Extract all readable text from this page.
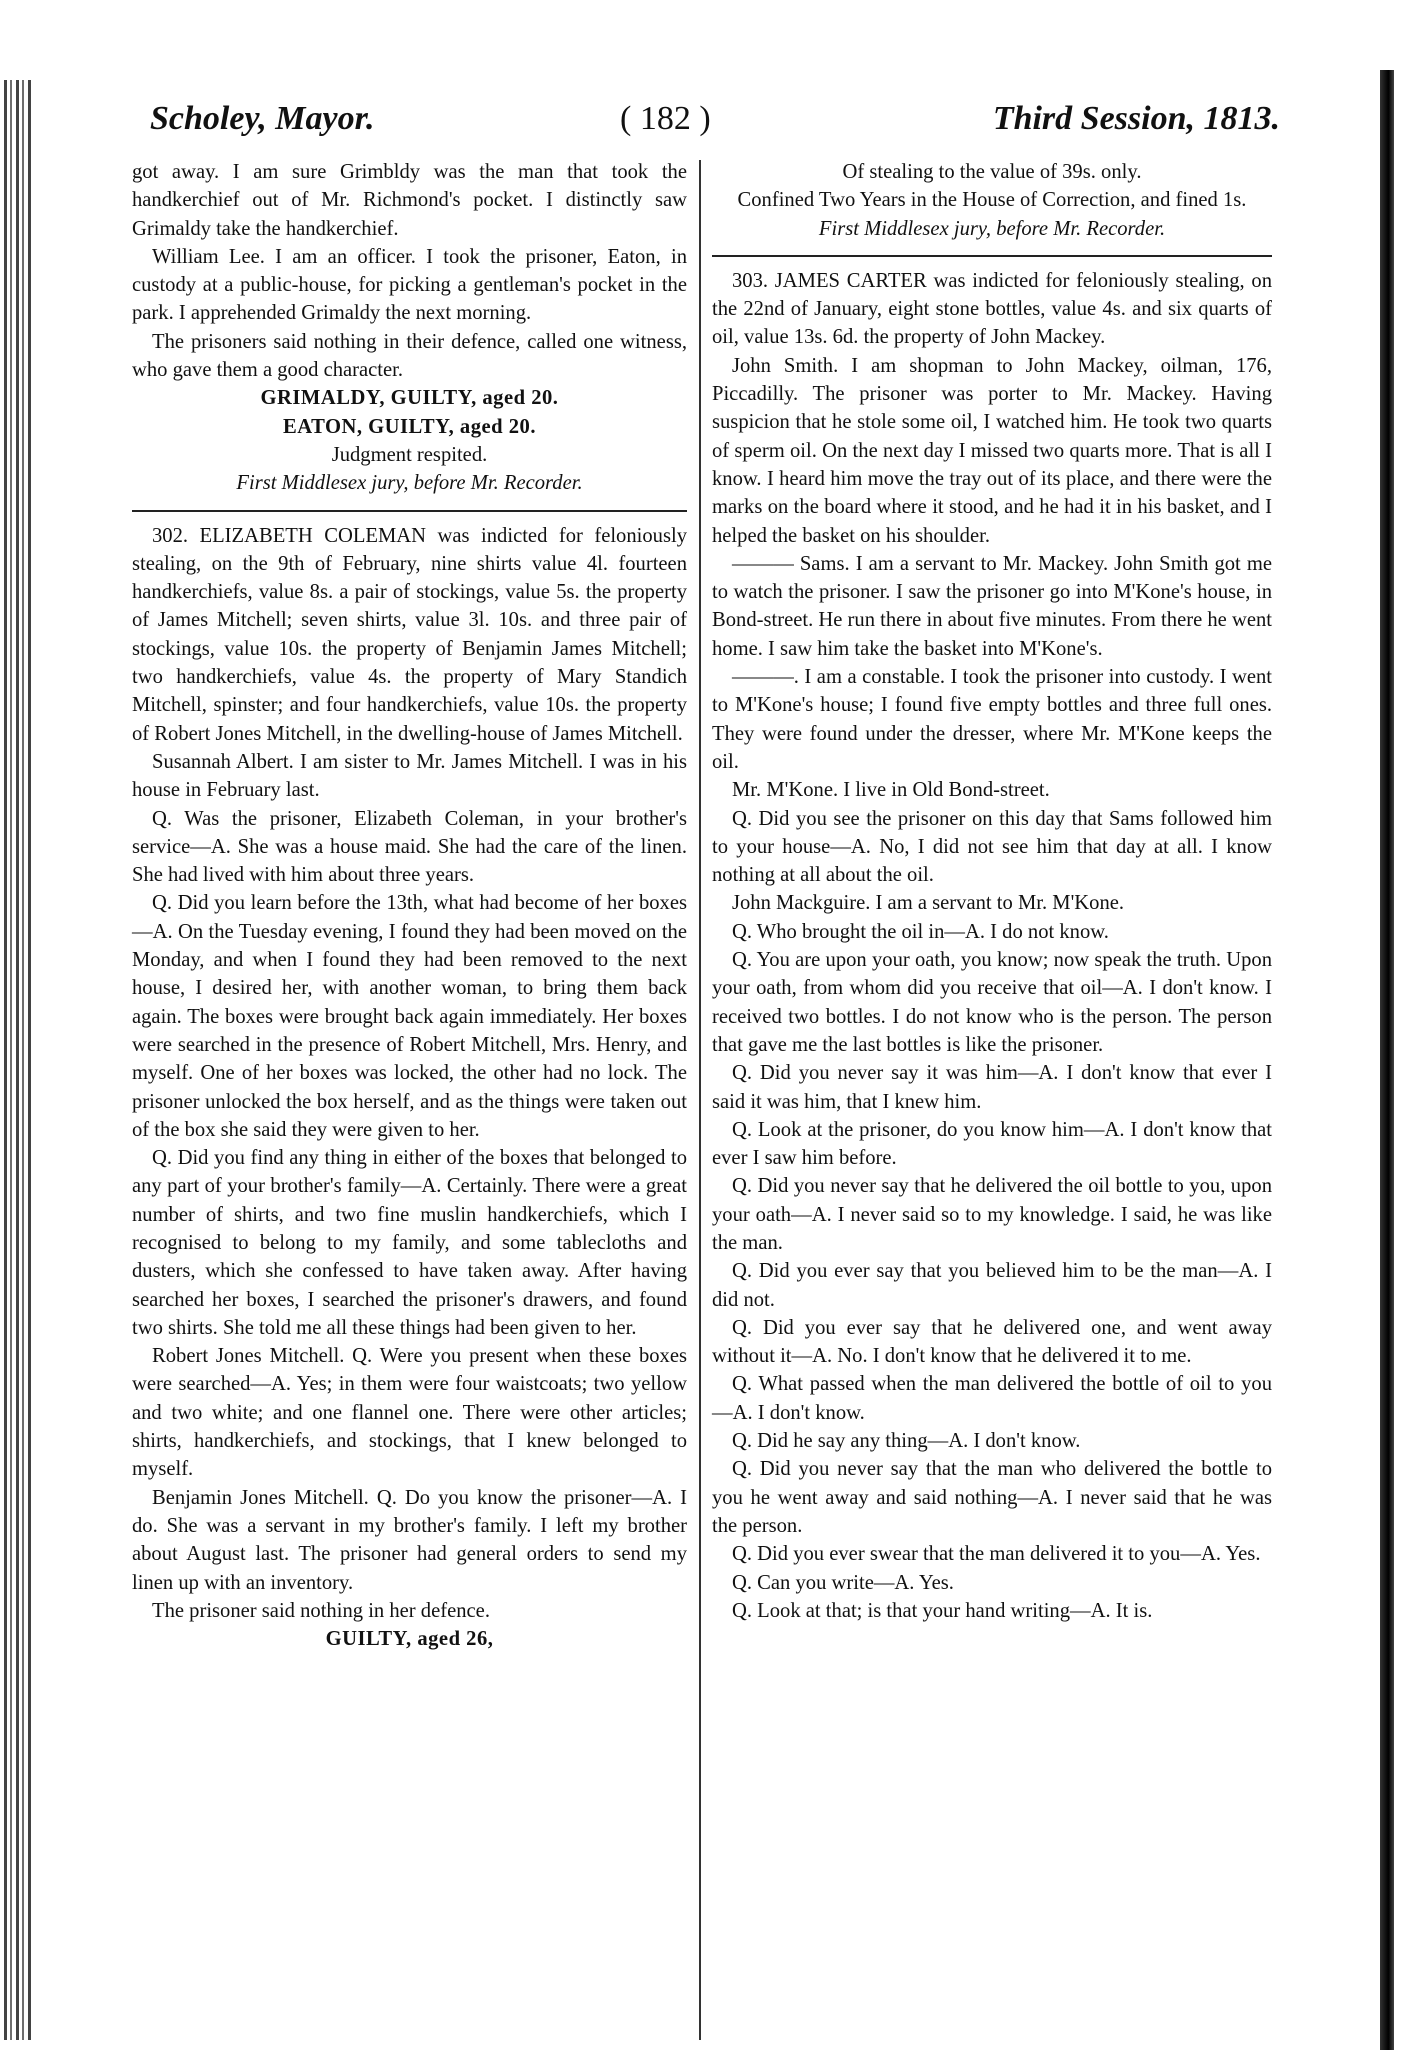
Scholey, Mayor.	( 182 )	Third Session, 1813.

got away. I am sure Grimbldy was the man that took the handkerchief out of Mr. Richmond's pocket. I distinctly saw Grimaldy take the handkerchief.

William Lee. I am an officer. I took the prisoner, Eaton, in custody at a public-house, for picking a gentleman's pocket in the park. I apprehended Grimaldy the next morning.

The prisoners said nothing in their defence, called one witness, who gave them a good character.

GRIMALDY, GUILTY, aged 20.

EATON, GUILTY, aged 20.

Judgment respited.

First Middlesex jury, before Mr. Recorder.

302. ELIZABETH COLEMAN was indicted for feloniously stealing, on the 9th of February, nine shirts value 4l. fourteen handkerchiefs, value 8s. a pair of stockings, value 5s. the property of James Mitchell; seven shirts, value 3l. 10s. and three pair of stockings, value 10s. the property of Benjamin James Mitchell; two handkerchiefs, value 4s. the property of Mary Standich Mitchell, spinster; and four handkerchiefs, value 10s. the property of Robert Jones Mitchell, in the dwelling-house of James Mitchell.

Susannah Albert. I am sister to Mr. James Mitchell. I was in his house in February last.

Q. Was the prisoner, Elizabeth Coleman, in your brother's service—A. She was a house maid. She had the care of the linen. She had lived with him about three years.

Q. Did you learn before the 13th, what had become of her boxes—A. On the Tuesday evening, I found they had been moved on the Monday, and when I found they had been removed to the next house, I desired her, with another woman, to bring them back again. The boxes were brought back again immediately. Her boxes were searched in the presence of Robert Mitchell, Mrs. Henry, and myself. One of her boxes was locked, the other had no lock. The prisoner unlocked the box herself, and as the things were taken out of the box she said they were given to her.

Q. Did you find any thing in either of the boxes that belonged to any part of your brother's family—A. Certainly. There were a great number of shirts, and two fine muslin handkerchiefs, which I recognised to belong to my family, and some tablecloths and dusters, which she confessed to have taken away. After having searched her boxes, I searched the prisoner's drawers, and found two shirts. She told me all these things had been given to her.

Robert Jones Mitchell. Q. Were you present when these boxes were searched—A. Yes; in them were four waistcoats; two yellow and two white; and one flannel one. There were other articles; shirts, handkerchiefs, and stockings, that I knew belonged to myself.

Benjamin Jones Mitchell. Q. Do you know the prisoner—A. I do. She was a servant in my brother's family. I left my brother about August last. The prisoner had general orders to send my linen up with an inventory.

The prisoner said nothing in her defence.

GUILTY, aged 26,

Of stealing to the value of 39s. only.

Confined Two Years in the House of Correction, and fined 1s.

First Middlesex jury, before Mr. Recorder.

303. JAMES CARTER was indicted for feloniously stealing, on the 22nd of January, eight stone bottles, value 4s. and six quarts of oil, value 13s. 6d. the property of John Mackey.

John Smith. I am shopman to John Mackey, oilman, 176, Piccadilly. The prisoner was porter to Mr. Mackey. Having suspicion that he stole some oil, I watched him. He took two quarts of sperm oil. On the next day I missed two quarts more. That is all I know. I heard him move the tray out of its place, and there were the marks on the board where it stood, and he had it in his basket, and I helped the basket on his shoulder.

——— Sams. I am a servant to Mr. Mackey. John Smith got me to watch the prisoner. I saw the prisoner go into M'Kone's house, in Bond-street. He run there in about five minutes. From there he went home. I saw him take the basket into M'Kone's.

———. I am a constable. I took the prisoner into custody. I went to M'Kone's house; I found five empty bottles and three full ones. They were found under the dresser, where Mr. M'Kone keeps the oil.

Mr. M'Kone. I live in Old Bond-street.

Q. Did you see the prisoner on this day that Sams followed him to your house—A. No, I did not see him that day at all. I know nothing at all about the oil.

John Mackguire. I am a servant to Mr. M'Kone.

Q. Who brought the oil in—A. I do not know.

Q. You are upon your oath, you know; now speak the truth. Upon your oath, from whom did you receive that oil—A. I don't know. I received two bottles. I do not know who is the person. The person that gave me the last bottles is like the prisoner.

Q. Did you never say it was him—A. I don't know that ever I said it was him, that I knew him.

Q. Look at the prisoner, do you know him—A. I don't know that ever I saw him before.

Q. Did you never say that he delivered the oil bottle to you, upon your oath—A. I never said so to my knowledge. I said, he was like the man.

Q. Did you ever say that you believed him to be the man—A. I did not.

Q. Did you ever say that he delivered one, and went away without it—A. No. I don't know that he delivered it to me.

Q. What passed when the man delivered the bottle of oil to you—A. I don't know.

Q. Did he say any thing—A. I don't know.

Q. Did you never say that the man who delivered the bottle to you he went away and said nothing—A. I never said that he was the person.

Q. Did you ever swear that the man delivered it to you—A. Yes.

Q. Can you write—A. Yes.

Q. Look at that; is that your hand writing—A. It is.
